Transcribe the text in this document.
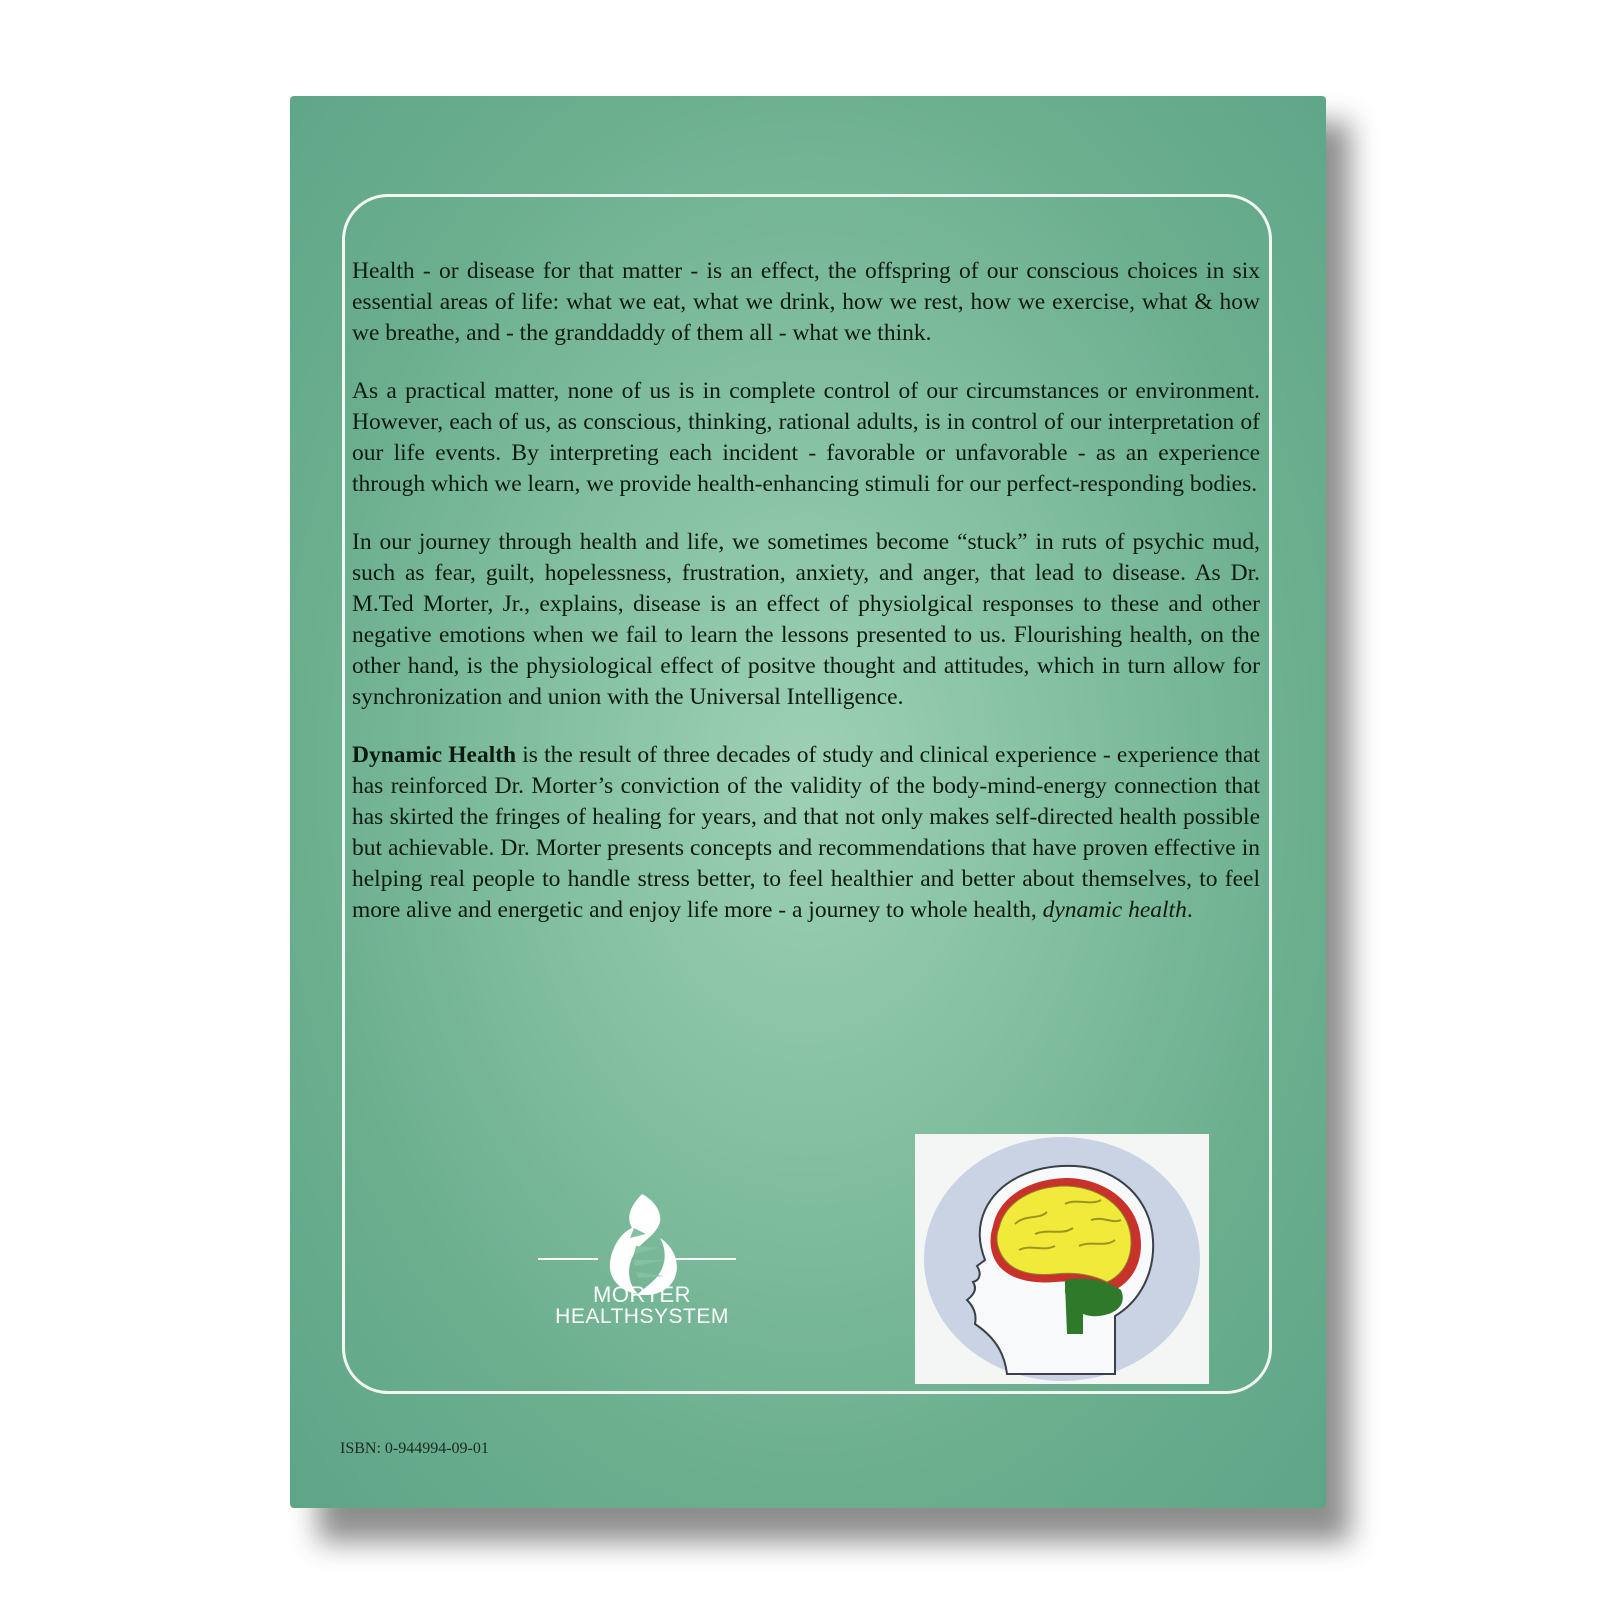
Health - or disease for that matter - is an effect, the offspring of our conscious choices in six essential areas of life: what we eat, what we drink, how we rest, how we exercise, what & how we breathe, and - the granddaddy of them all - what we think.

As a practical matter, none of us is in complete control of our circumstances or environment. However, each of us, as conscious, thinking, rational adults, is in control of our interpretation of our life events. By interpreting each incident - favorable or unfavorable - as an experience through which we learn, we provide health-enhancing stimuli for our perfect-responding bodies.

In our journey through health and life, we sometimes become “stuck” in ruts of psychic mud, such as fear, guilt, hopelessness, frustration, anxiety, and anger, that lead to disease. As Dr. M.Ted Morter, Jr., explains, disease is an effect of physiolgical responses to these and other negative emotions when we fail to learn the lessons presented to us. Flourishing health, on the other hand, is the physiological effect of positve thought and attitudes, which in turn allow for synchronization and union with the Universal Intelligence.

Dynamic Health is the result of three decades of study and clinical experience - experience that has reinforced Dr. Morter’s conviction of the validity of the body-mind-energy connection that has skirted the fringes of healing for years, and that not only makes self-directed health possible but achievable. Dr. Morter presents concepts and recommendations that have proven effective in helping real people to handle stress better, to feel healthier and better about themselves, to feel more alive and energetic and enjoy life more - a journey to whole health, dynamic health.

MORTER
HEALTHSYSTEM
ISBN: 0-944994-09-01
